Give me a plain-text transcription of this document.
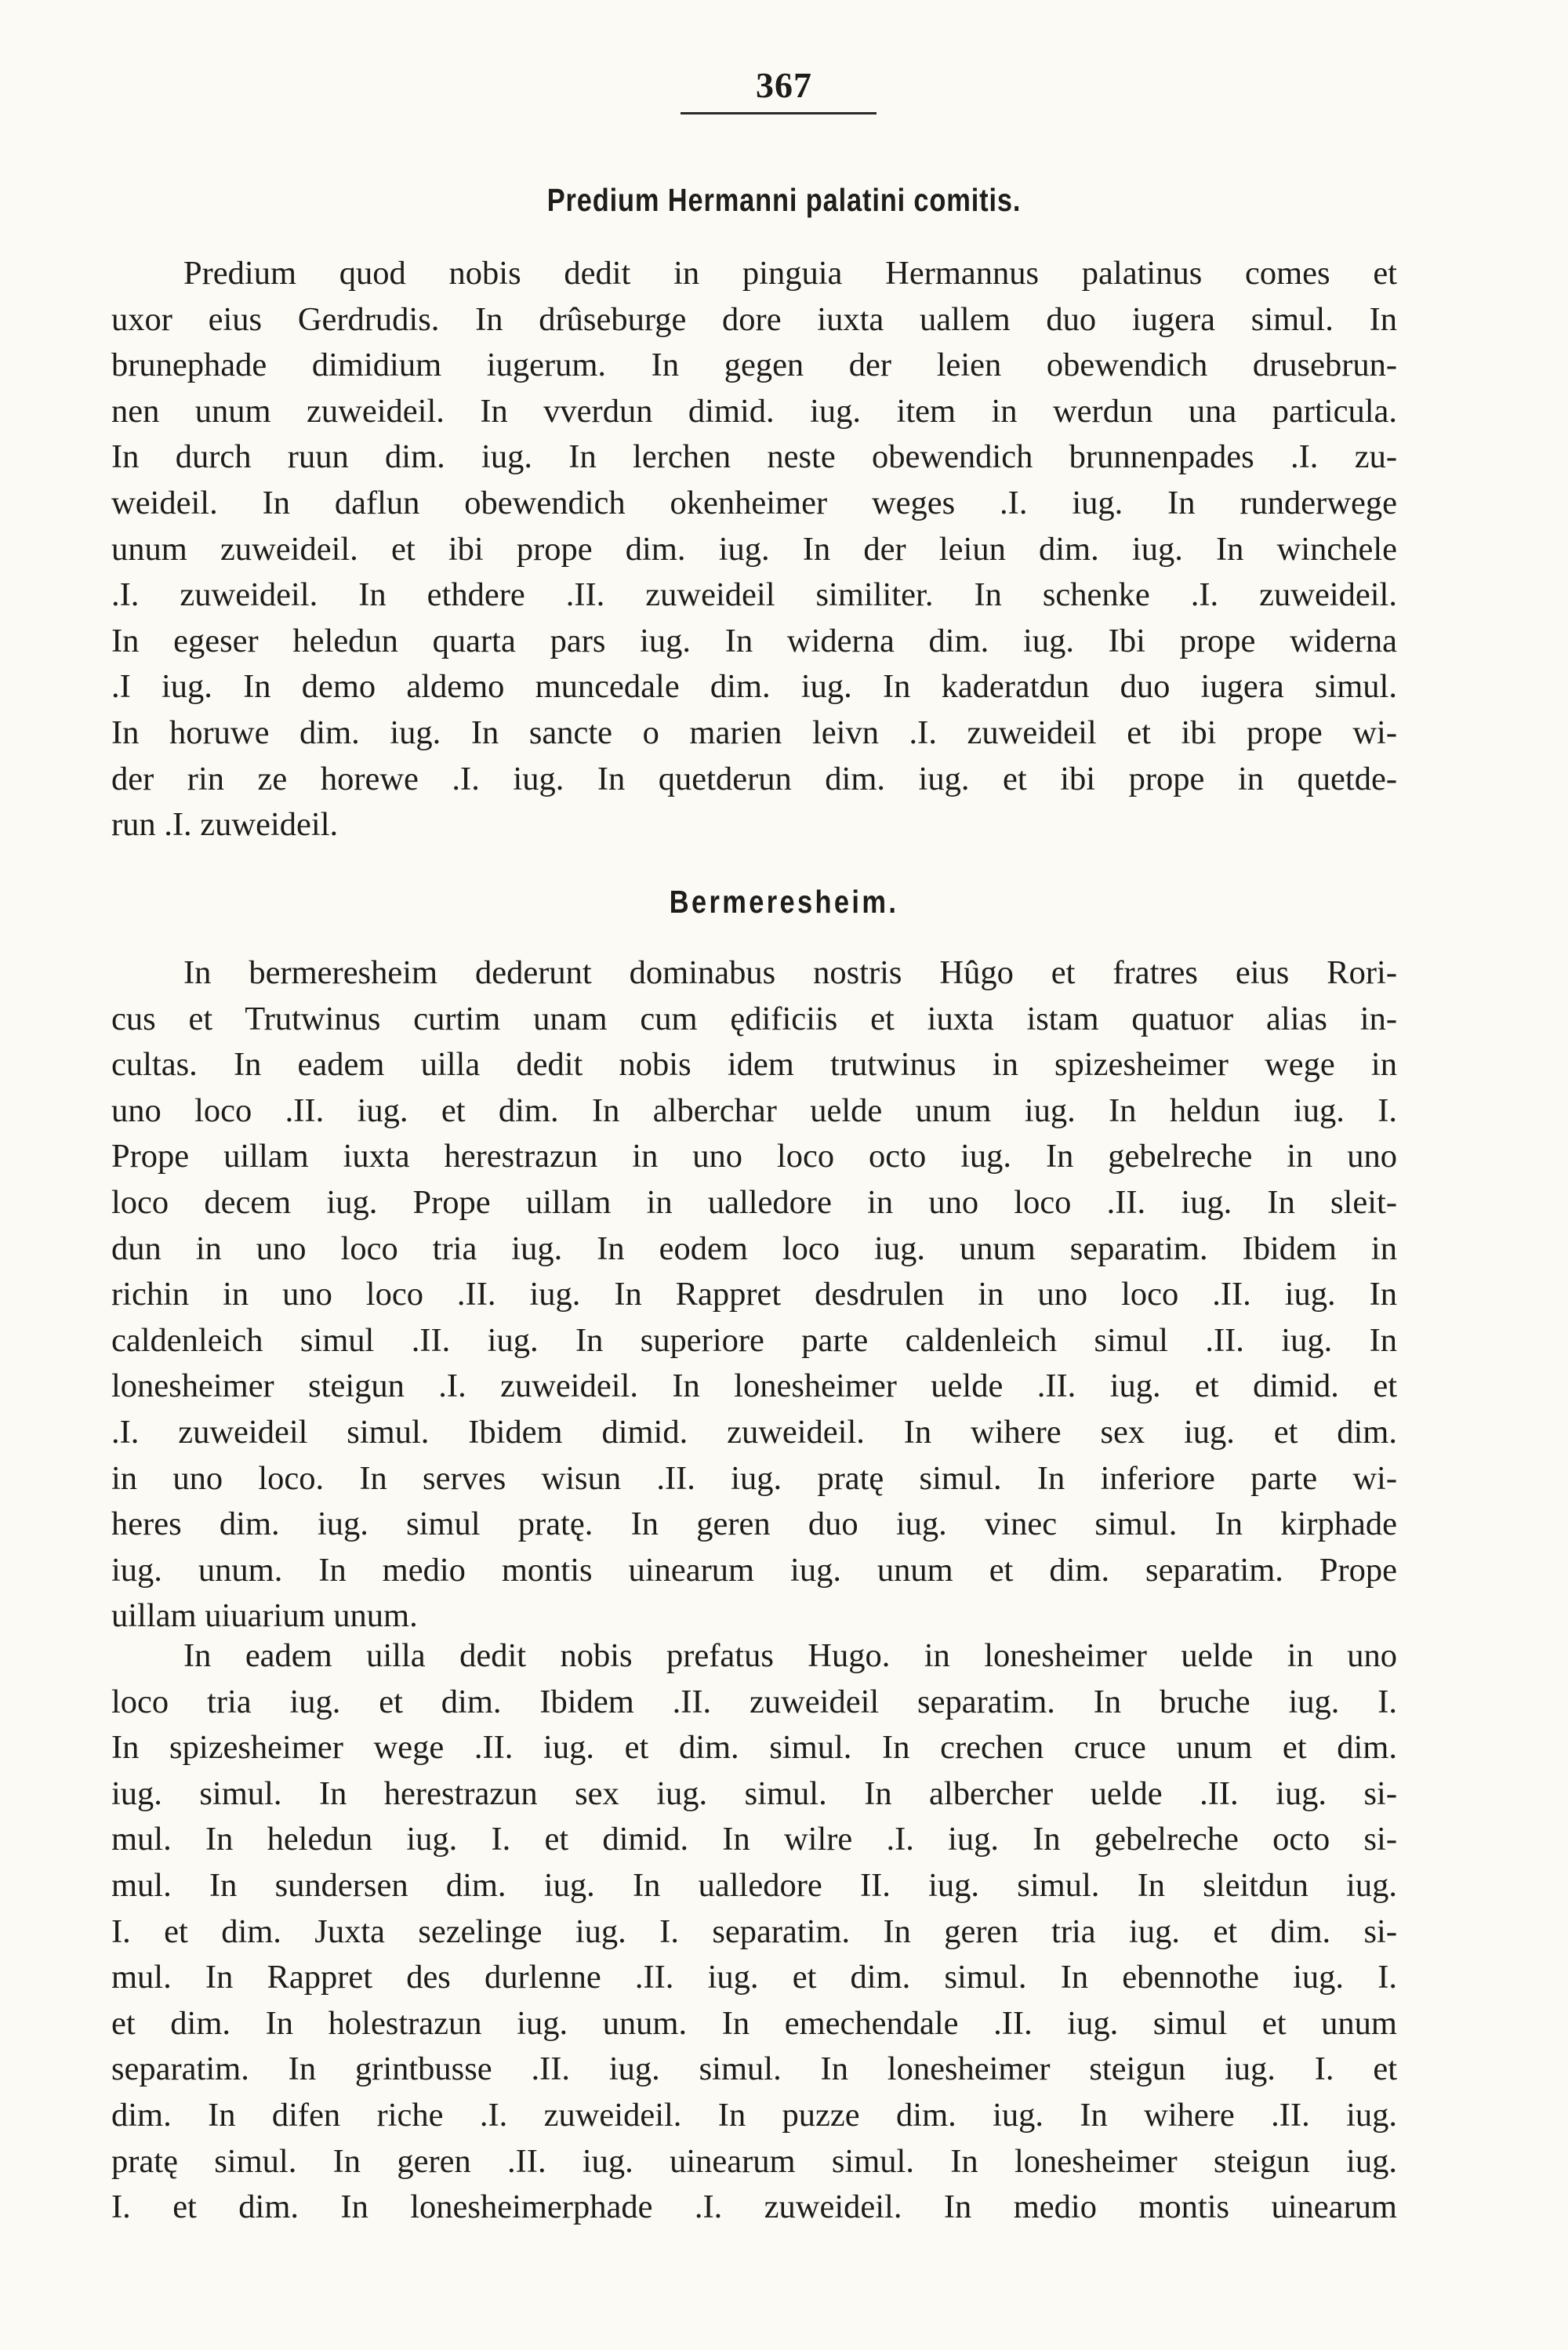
367
Predium Hermanni palatini comitis.
Predium quod nobis dedit in pinguia Hermannus palatinus comes et
uxor eius Gerdrudis. In drûseburge dore iuxta uallem duo iugera simul. In
brunephade dimidium iugerum. In gegen der leien obewendich drusebrun-
nen unum zuweideil. In vverdun dimid. iug. item in werdun una particula.
In durch ruun dim. iug. In lerchen neste obewendich brunnenpades .I. zu-
weideil. In daflun obewendich okenheimer weges .I. iug. In runderwege
unum zuweideil. et ibi prope dim. iug. In der leiun dim. iug. In winchele
.I. zuweideil. In ethdere .II. zuweideil similiter. In schenke .I. zuweideil.
In egeser heledun quarta pars iug. In widerna dim. iug. Ibi prope widerna
.I iug. In demo aldemo muncedale dim. iug. In kaderatdun duo iugera simul.
In horuwe dim. iug. In sancte o marien leivn .I. zuweideil et ibi prope wi-
der rin ze horewe .I. iug. In quetderun dim. iug. et ibi prope in quetde-
run .I. zuweideil.
Bermeresheim.
In bermeresheim dederunt dominabus nostris Hûgo et fratres eius Rori-
cus et Trutwinus curtim unam cum ędificiis et iuxta istam quatuor alias in-
cultas. In eadem uilla dedit nobis idem trutwinus in spizesheimer wege in
uno loco .II. iug. et dim. In alberchar uelde unum iug. In heldun iug. I.
Prope uillam iuxta herestrazun in uno loco octo iug. In gebelreche in uno
loco decem iug. Prope uillam in ualledore in uno loco .II. iug. In sleit-
dun in uno loco tria iug. In eodem loco iug. unum separatim. Ibidem in
richin in uno loco .II. iug. In Rappret desdrulen in uno loco .II. iug. In
caldenleich simul .II. iug. In superiore parte caldenleich simul .II. iug. In
lonesheimer steigun .I. zuweideil. In lonesheimer uelde .II. iug. et dimid. et
.I. zuweideil simul. Ibidem dimid. zuweideil. In wihere sex iug. et dim.
in uno loco. In serves wisun .II. iug. pratę simul. In inferiore parte wi-
heres dim. iug. simul pratę. In geren duo iug. vinec simul. In kirphade
iug. unum. In medio montis uinearum iug. unum et dim. separatim. Prope
uillam uiuarium unum.
In eadem uilla dedit nobis prefatus Hugo. in lonesheimer uelde in uno
loco tria iug. et dim. Ibidem .II. zuweideil separatim. In bruche iug. I.
In spizesheimer wege .II. iug. et dim. simul. In crechen cruce unum et dim.
iug. simul. In herestrazun sex iug. simul. In albercher uelde .II. iug. si-
mul. In heledun iug. I. et dimid. In wilre .I. iug. In gebelreche octo si-
mul. In sundersen dim. iug. In ualledore II. iug. simul. In sleitdun iug.
I. et dim. Juxta sezelinge iug. I. separatim. In geren tria iug. et dim. si-
mul. In Rappret des durlenne .II. iug. et dim. simul. In ebennothe iug. I.
et dim. In holestrazun iug. unum. In emechendale .II. iug. simul et unum
separatim. In grintbusse .II. iug. simul. In lonesheimer steigun iug. I. et
dim. In difen riche .I. zuweideil. In puzze dim. iug. In wihere .II. iug.
pratę simul. In geren .II. iug. uinearum simul. In lonesheimer steigun iug.
I. et dim. In lonesheimerphade .I. zuweideil. In medio montis uinearum
